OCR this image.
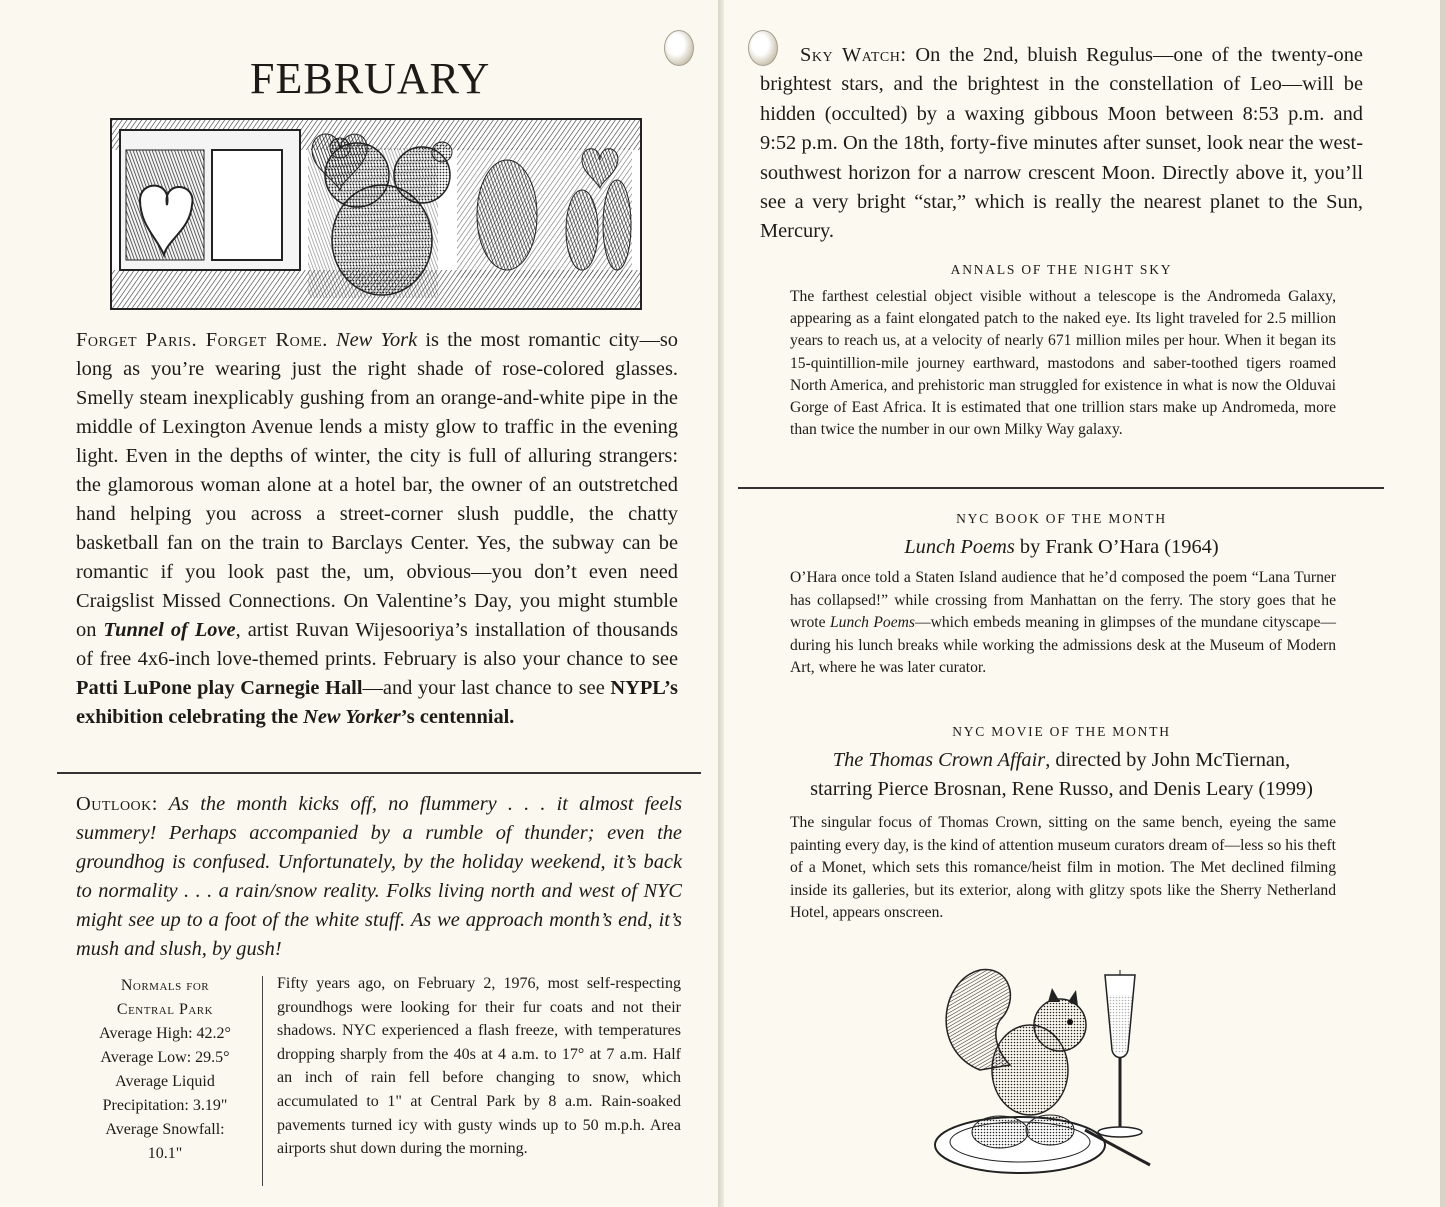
FEBRUARY

Forget Paris. Forget Rome. New York is the most romantic city—so long as you’re wearing just the right shade of rose-colored glasses. Smelly steam inexplicably gushing from an orange-and-white pipe in the middle of Lexington Avenue lends a misty glow to traffic in the evening light. Even in the depths of winter, the city is full of alluring strangers: the glamorous woman alone at a hotel bar, the owner of an outstretched hand helping you across a street-corner slush puddle, the chatty basketball fan on the train to Barclays Center. Yes, the subway can be romantic if you look past the, um, obvious—you don’t even need Craigslist Missed Connections. On Valentine’s Day, you might stumble on Tunnel of Love, artist Ruvan Wijesooriya’s installation of thousands of free 4x6-inch love-themed prints. February is also your chance to see Patti LuPone play Carnegie Hall—and your last chance to see NYPL’s exhibition celebrating the New Yorker’s centennial.

Outlook: As the month kicks off, no flummery . . . it almost feels summery! Perhaps accompanied by a rumble of thunder; even the groundhog is confused. Unfortunately, by the holiday weekend, it’s back to normality . . . a rain/snow reality. Folks living north and west of NYC might see up to a foot of the white stuff. As we approach month’s end, it’s mush and slush, by gush!

Normals for
Central Park
Average High: 42.2°
Average Low: 29.5°
Average Liquid
Precipitation: 3.19"
Average Snowfall:
10.1"

Fifty years ago, on February 2, 1976, most self-respecting groundhogs were looking for their fur coats and not their shadows. NYC experienced a flash freeze, with temperatures dropping sharply from the 40s at 4 a.m. to 17° at 7 a.m. Half an inch of rain fell before changing to snow, which accumulated to 1" at Central Park by 8 a.m. Rain-soaked pavements turned icy with gusty winds up to 50 m.p.h. Area airports shut down during the morning.

Sky Watch: On the 2nd, bluish Regulus—one of the twenty-one brightest stars, and the brightest in the constellation of Leo—will be hidden (occulted) by a waxing gibbous Moon between 8:53 p.m. and 9:52 p.m. On the 18th, forty-five minutes after sunset, look near the west-southwest horizon for a narrow crescent Moon. Directly above it, you’ll see a very bright “star,” which is really the nearest planet to the Sun, Mercury.

ANNALS OF THE NIGHT SKY

The farthest celestial object visible without a telescope is the Andromeda Galaxy, appearing as a faint elongated patch to the naked eye. Its light traveled for 2.5 million years to reach us, at a velocity of nearly 671 million miles per hour. When it began its 15-quintillion-mile journey earthward, mastodons and saber-toothed tigers roamed North America, and prehistoric man struggled for existence in what is now the Olduvai Gorge of East Africa. It is estimated that one trillion stars make up Andromeda, more than twice the number in our own Milky Way galaxy.

NYC BOOK OF THE MONTH
Lunch Poems by Frank O’Hara (1964)

O’Hara once told a Staten Island audience that he’d composed the poem “Lana Turner has collapsed!” while crossing from Manhattan on the ferry. The story goes that he wrote Lunch Poems—which embeds meaning in glimpses of the mundane cityscape—during his lunch breaks while working the admissions desk at the Museum of Modern Art, where he was later curator.

NYC MOVIE OF THE MONTH
The Thomas Crown Affair, directed by John McTiernan,
starring Pierce Brosnan, Rene Russo, and Denis Leary (1999)

The singular focus of Thomas Crown, sitting on the same bench, eyeing the same painting every day, is the kind of attention museum curators dream of—less so his theft of a Monet, which sets this romance/heist film in motion. The Met declined filming inside its galleries, but its exterior, along with glitzy spots like the Sherry Netherland Hotel, appears onscreen.
